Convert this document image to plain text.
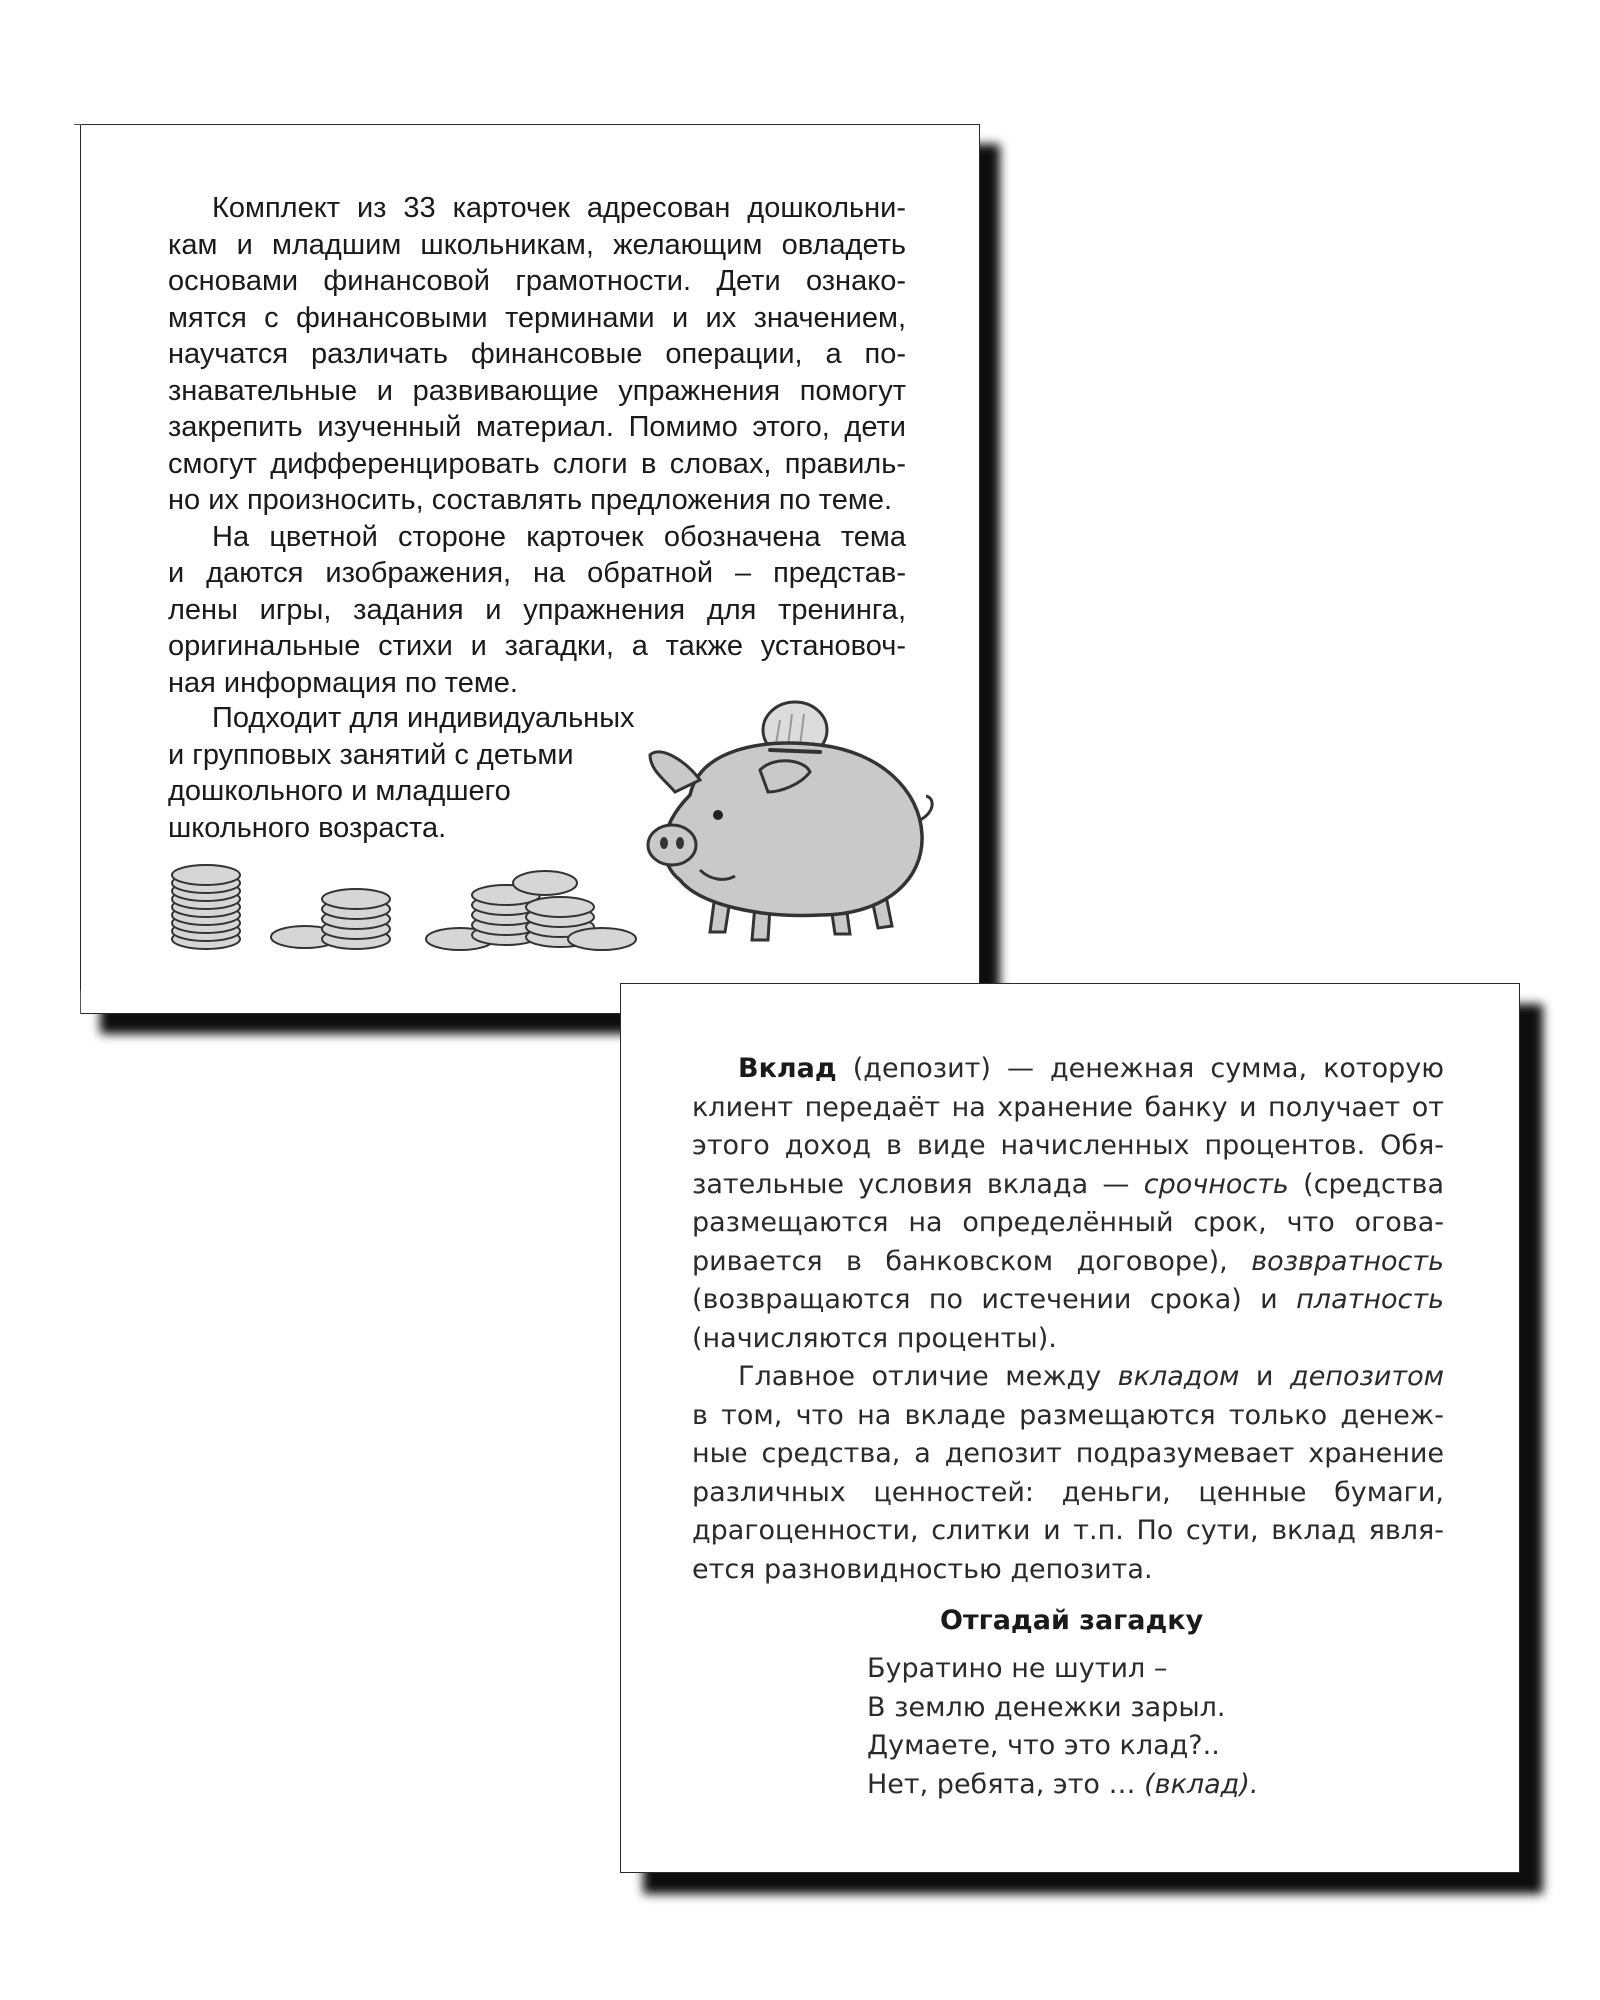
Комплект из 33 карточек адресован дошкольни-
кам и младшим школьникам, желающим овладеть
основами финансовой грамотности. Дети ознако-
мятся с финансовыми терминами и их значением,
научатся различать финансовые операции, а по-
знавательные и развивающие упражнения помогут
закрепить изученный материал. Помимо этого, дети
смогут дифференцировать слоги в словах, правиль-
но их произносить, составлять предложения по теме.
На цветной стороне карточек обозначена тема
и даются изображения, на обратной – представ-
лены игры, задания и упражнения для тренинга,
оригинальные стихи и загадки, а также установоч-
ная информация по теме.
Подходит для индивидуальных
и групповых занятий с детьми
дошкольного и младшего
школьного возраста.
Вклад (депозит) — денежная сумма, которую
клиент передаёт на хранение банку и получает от
этого доход в виде начисленных процентов. Обя-
зательные условия вклада — срочность (средства
размещаются на определённый срок, что огова-
ривается в банковском договоре), возвратность
(возвращаются по истечении срока) и платность
(начисляются проценты).
Главное отличие между вкладом и депозитом
в том, что на вкладе размещаются только денеж-
ные средства, а депозит подразумевает хранение
различных ценностей: деньги, ценные бумаги,
драгоценности, слитки и т.п. По сути, вклад явля-
ется разновидностью депозита.
Отгадай загадку
Буратино не шутил –
В землю денежки зарыл.
Думаете, что это клад?..
Нет, ребята, это … (вклад).
